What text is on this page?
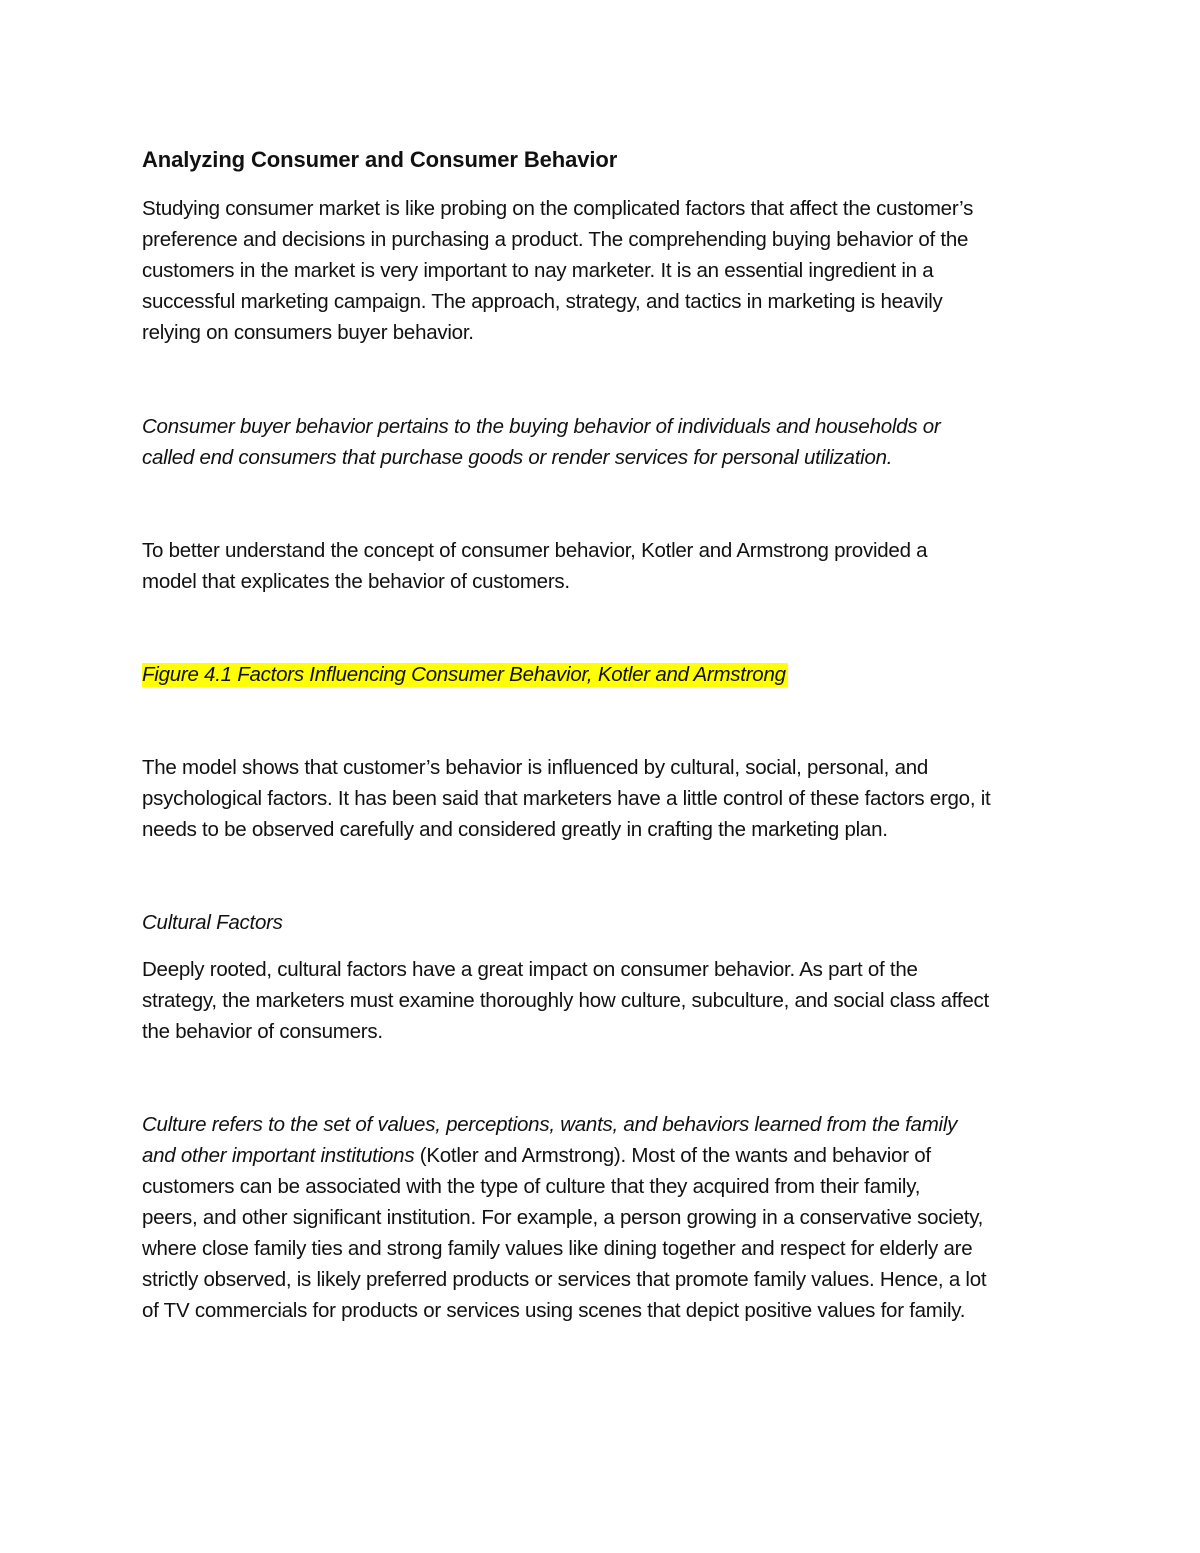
Analyzing Consumer and Consumer Behavior
Studying consumer market is like probing on the complicated factors that affect the customer’s
preference and decisions in purchasing a product. The comprehending buying behavior of the
customers in the market is very important to nay marketer. It is an essential ingredient in a
successful marketing campaign. The approach, strategy, and tactics in marketing is heavily
relying on consumers buyer behavior.
Consumer buyer behavior pertains to the buying behavior of individuals and households or
called end consumers that purchase goods or render services for personal utilization.
To better understand the concept of consumer behavior, Kotler and Armstrong provided a
model that explicates the behavior of customers.
Figure 4.1 Factors Influencing Consumer Behavior, Kotler and Armstrong
The model shows that customer’s behavior is influenced by cultural, social, personal, and
psychological factors. It has been said that marketers have a little control of these factors ergo, it
needs to be observed carefully and considered greatly in crafting the marketing plan.
Cultural Factors
Deeply rooted, cultural factors have a great impact on consumer behavior. As part of the
strategy, the marketers must examine thoroughly how culture, subculture, and social class affect
the behavior of consumers.
Culture refers to the set of values, perceptions, wants, and behaviors learned from the family
and other important institutions (Kotler and Armstrong). Most of the wants and behavior of
customers can be associated with the type of culture that they acquired from their family,
peers, and other significant institution. For example, a person growing in a conservative society,
where close family ties and strong family values like dining together and respect for elderly are
strictly observed, is likely preferred products or services that promote family values. Hence, a lot
of TV commercials for products or services using scenes that depict positive values for family.
